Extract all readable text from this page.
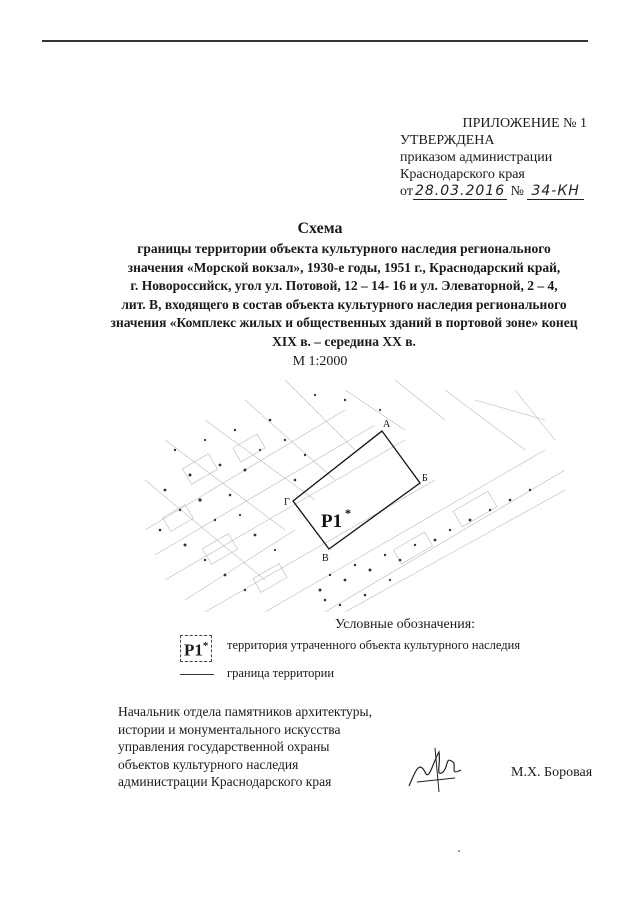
ПРИЛОЖЕНИЕ № 1
УТВЕРЖДЕНА
приказом администрации
Краснодарского края
от 28.03.2016 № 34-КН
Схема
границы территории объекта культурного наследия регионального
значения «Морской вокзал», 1930-е годы, 1951 г., Краснодарский край,
г. Новороссийск, угол ул. Потовой, 12 – 14- 16 и ул. Элеваторной, 2 – 4,
лит. В, входящего в состав объекта культурного наследия регионального
значения «Комплекс жилых и общественных зданий в портовой зоне» конец
XIX в. – середина XX в.
М 1:2000
А
Б
В
Г
Р1 *
Условные обозначения:
Р1*	территория утраченного объекта культурного наследия
граница территории
Начальник отдела памятников архитектуры,
истории и монументального искусства
управления государственной охраны
объектов культурного наследия
администрации Краснодарского края
М.Х. Боровая
